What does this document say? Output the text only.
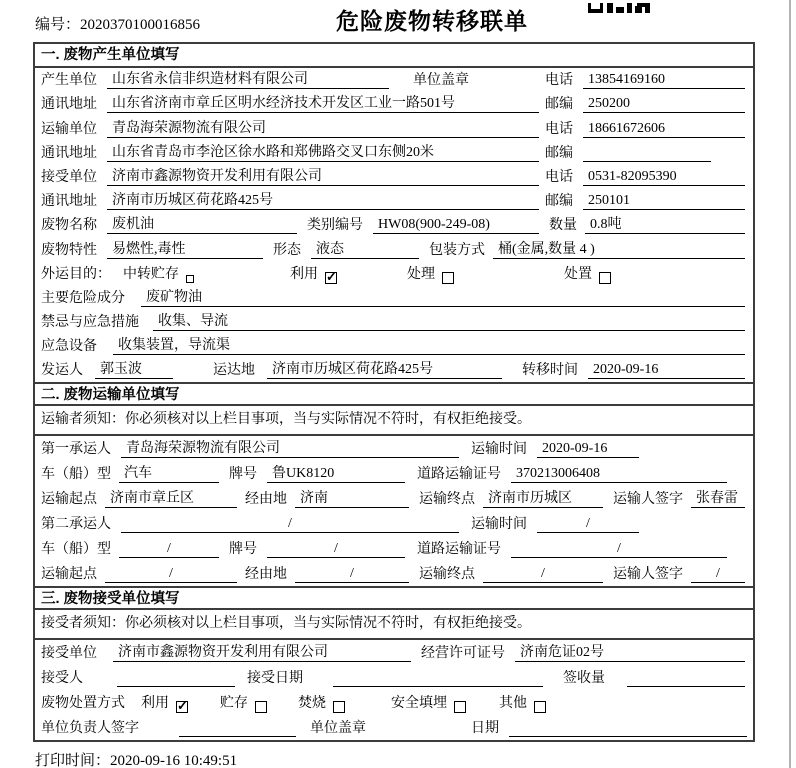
编号：2020370100016856	危险废物转移联单
一. 废物产生单位填写
产生单位	山东省永信非织造材料有限公司	单位盖章	电话	13854169160
通讯地址	山东省济南市章丘区明水经济技术开发区工业一路501号	邮编	250200
运输单位	青岛海荣源物流有限公司	电话	18661672606
通讯地址	山东省青岛市李沧区徐水路和郑佛路交叉口东侧20米	邮编
接受单位	济南市鑫源物资开发利用有限公司	电话	0531-82095390
通讯地址	济南市历城区荷花路425号	邮编	250101
废物名称	废机油	类别编号	HW08(900-249-08)	数量 0.8吨
废物特性	易燃性,毒性	形态	液态	包装方式 桶(金属,数量 4 )
外运目的： 中转贮存	利用 ✓	处理	处置
主要危险成分	废矿物油
禁忌与应急措施	收集、导流
应急设备	收集装置，导流渠
发运人	郭玉波	运达地	济南市历城区荷花路425号	转移时间	2020-09-16
二. 废物运输单位填写
运输者须知：你必须核对以上栏目事项，当与实际情况不符时，有权拒绝接受。
第一承运人	青岛海荣源物流有限公司	运输时间	2020-09-16
车（船）型 汽车	牌号	鲁UK8120	道路运输证号	370213006408
运输起点 济南市章丘区	经由地 济南	运输终点 济南市历城区	运输人签字 张春雷
第二承运人	/	运输时间	/
车（船）型	/	牌号	/	道路运输证号	/
运输起点	/	经由地	/	运输终点	/	运输人签字	/
三. 废物接受单位填写
接受者须知：你必须核对以上栏目事项，当与实际情况不符时，有权拒绝接受。
接受单位	济南市鑫源物资开发利用有限公司	经营许可证号	济南危证02号
接受人	接受日期	签收量
废物处置方式 利用 ✓	贮存	焚烧	安全填埋	其他
单位负责人签字	单位盖章	日期
打印时间：2020-09-16 10:49:51
